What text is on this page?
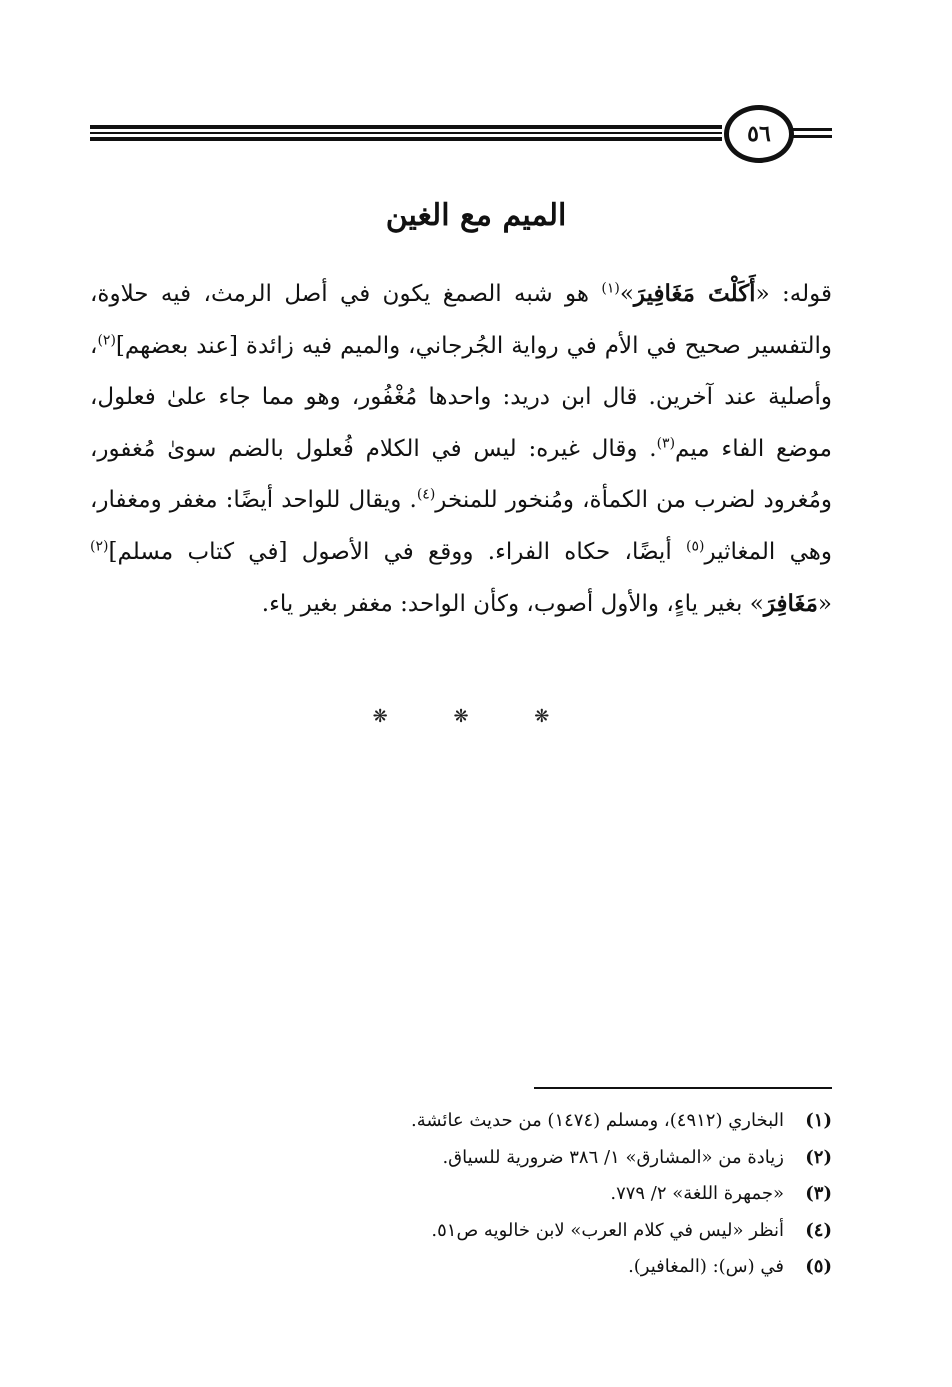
٥٦
الميم مع الغين

قوله: «أَكَلْتَ مَغَافِيرَ»$^{(١)}$ هو شبه الصمغ يكون في أصل الرمث، فيه حلاوة، والتفسير صحيح في الأم في رواية الجُرجاني، والميم فيه زائدة [عند بعضهم]$^{(٢)}$، وأصلية عند آخرين. قال ابن دريد: واحدها مُغْفُور، وهو مما جاء علىٰ فعلول، موضع الفاء ميم$^{(٣)}$. وقال غيره: ليس في الكلام فُعلول بالضم سوىٰ مُغفور، ومُغرود لضرب من الكمأة، ومُنخور للمنخر$^{(٤)}$. ويقال للواحد أيضًا: مغفر ومغفار، وهي المغاثير$^{(٥)}$ أيضًا، حكاه الفراء. ووقع في الأصول [في كتاب مسلم]$^{(٢)}$ «مَغَافِرَ» بغير ياءٍ، والأول أصوب، وكأن الواحد: مغفر بغير ياء.

❋ ❋ ❋
(١)
البخاري (٤٩١٢)، ومسلم (١٤٧٤) من حديث عائشة.
(٢)
زيادة من «المشارق» ١/ ٣٨٦ ضرورية للسياق.
(٣)
«جمهرة اللغة» ٢/ ٧٧٩.
(٤)
أنظر «ليس في كلام العرب» لابن خالويه ص٥١.
(٥)
في (س): (المغافير).
